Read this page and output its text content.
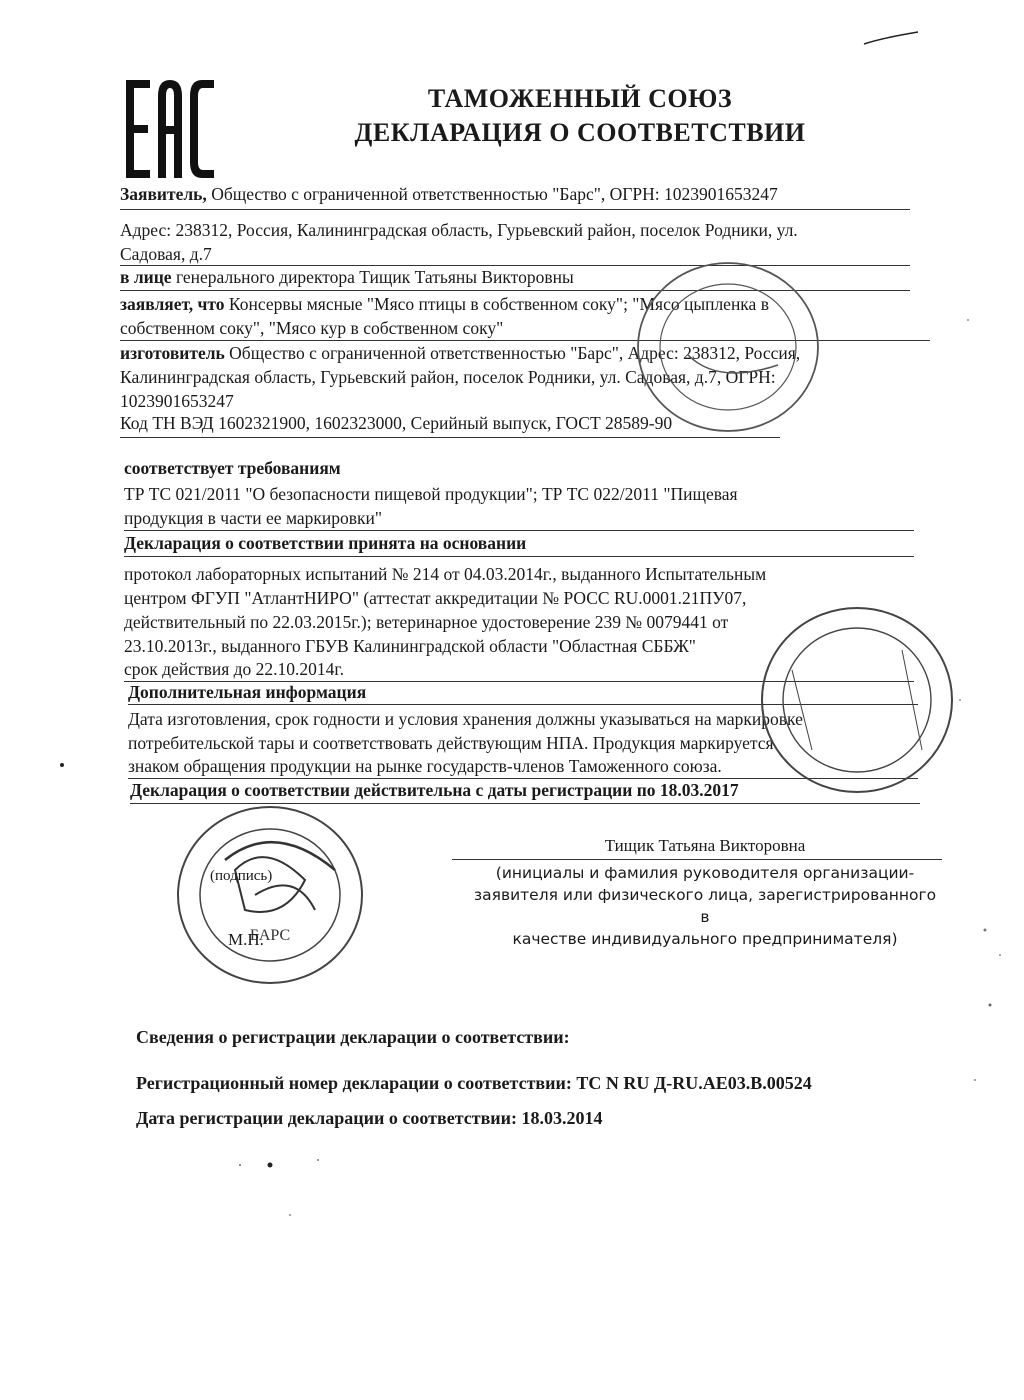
ТАМОЖЕННЫЙ СОЮЗ
ДЕКЛАРАЦИЯ О СООТВЕТСТВИИ
Заявитель, Общество с ограниченной ответственностью "Барс", ОГРН: 1023901653247
Адрес: 238312, Россия, Калининградская область, Гурьевский район, поселок Родники, ул.
Садовая, д.7
в лице генерального директора Тищик Татьяны Викторовны
заявляет, что Консервы мясные "Мясо птицы в собственном соку"; "Мясо цыпленка в
собственном соку", "Мясо кур в собственном соку"
изготовитель Общество с ограниченной ответственностью "Барс", Адрес: 238312, Россия,
Калининградская область, Гурьевский район, поселок Родники, ул. Садовая, д.7, ОГРН:
1023901653247
Код ТН ВЭД 1602321900, 1602323000, Серийный выпуск, ГОСТ 28589-90
соответствует требованиям
ТР ТС 021/2011 "О безопасности пищевой продукции"; ТР ТС 022/2011 "Пищевая
продукция в части ее маркировки"
Декларация о соответствии принята на основании
протокол лабораторных испытаний № 214 от 04.03.2014г., выданного Испытательным
центром ФГУП "АтлантНИРО" (аттестат аккредитации № РОСС RU.0001.21ПУ07,
действительный по 22.03.2015г.); ветеринарное удостоверение 239 № 0079441 от
23.10.2013г., выданного ГБУВ Калининградской области "Областная СББЖ"
срок действия до 22.10.2014г.
Дополнительная информация
Дата изготовления, срок годности и условия хранения должны указываться на маркировке
потребительской тары и соответствовать действующим НПА. Продукция маркируется
знаком обращения продукции на рынке государств-членов Таможенного союза.
Декларация о соответствии действительна с даты регистрации по 18.03.2017
Тищик Татьяна Викторовна
(инициалы и фамилия руководителя организации-
заявителя или физического лица, зарегистрированного в
качестве индивидуального предпринимателя)
БАРС
(подпись)
М.П.
Сведения о регистрации декларации о соответствии:
Регистрационный номер декларации о соответствии: ТС N RU Д-RU.AE03.B.00524
Дата регистрации декларации о соответствии: 18.03.2014
